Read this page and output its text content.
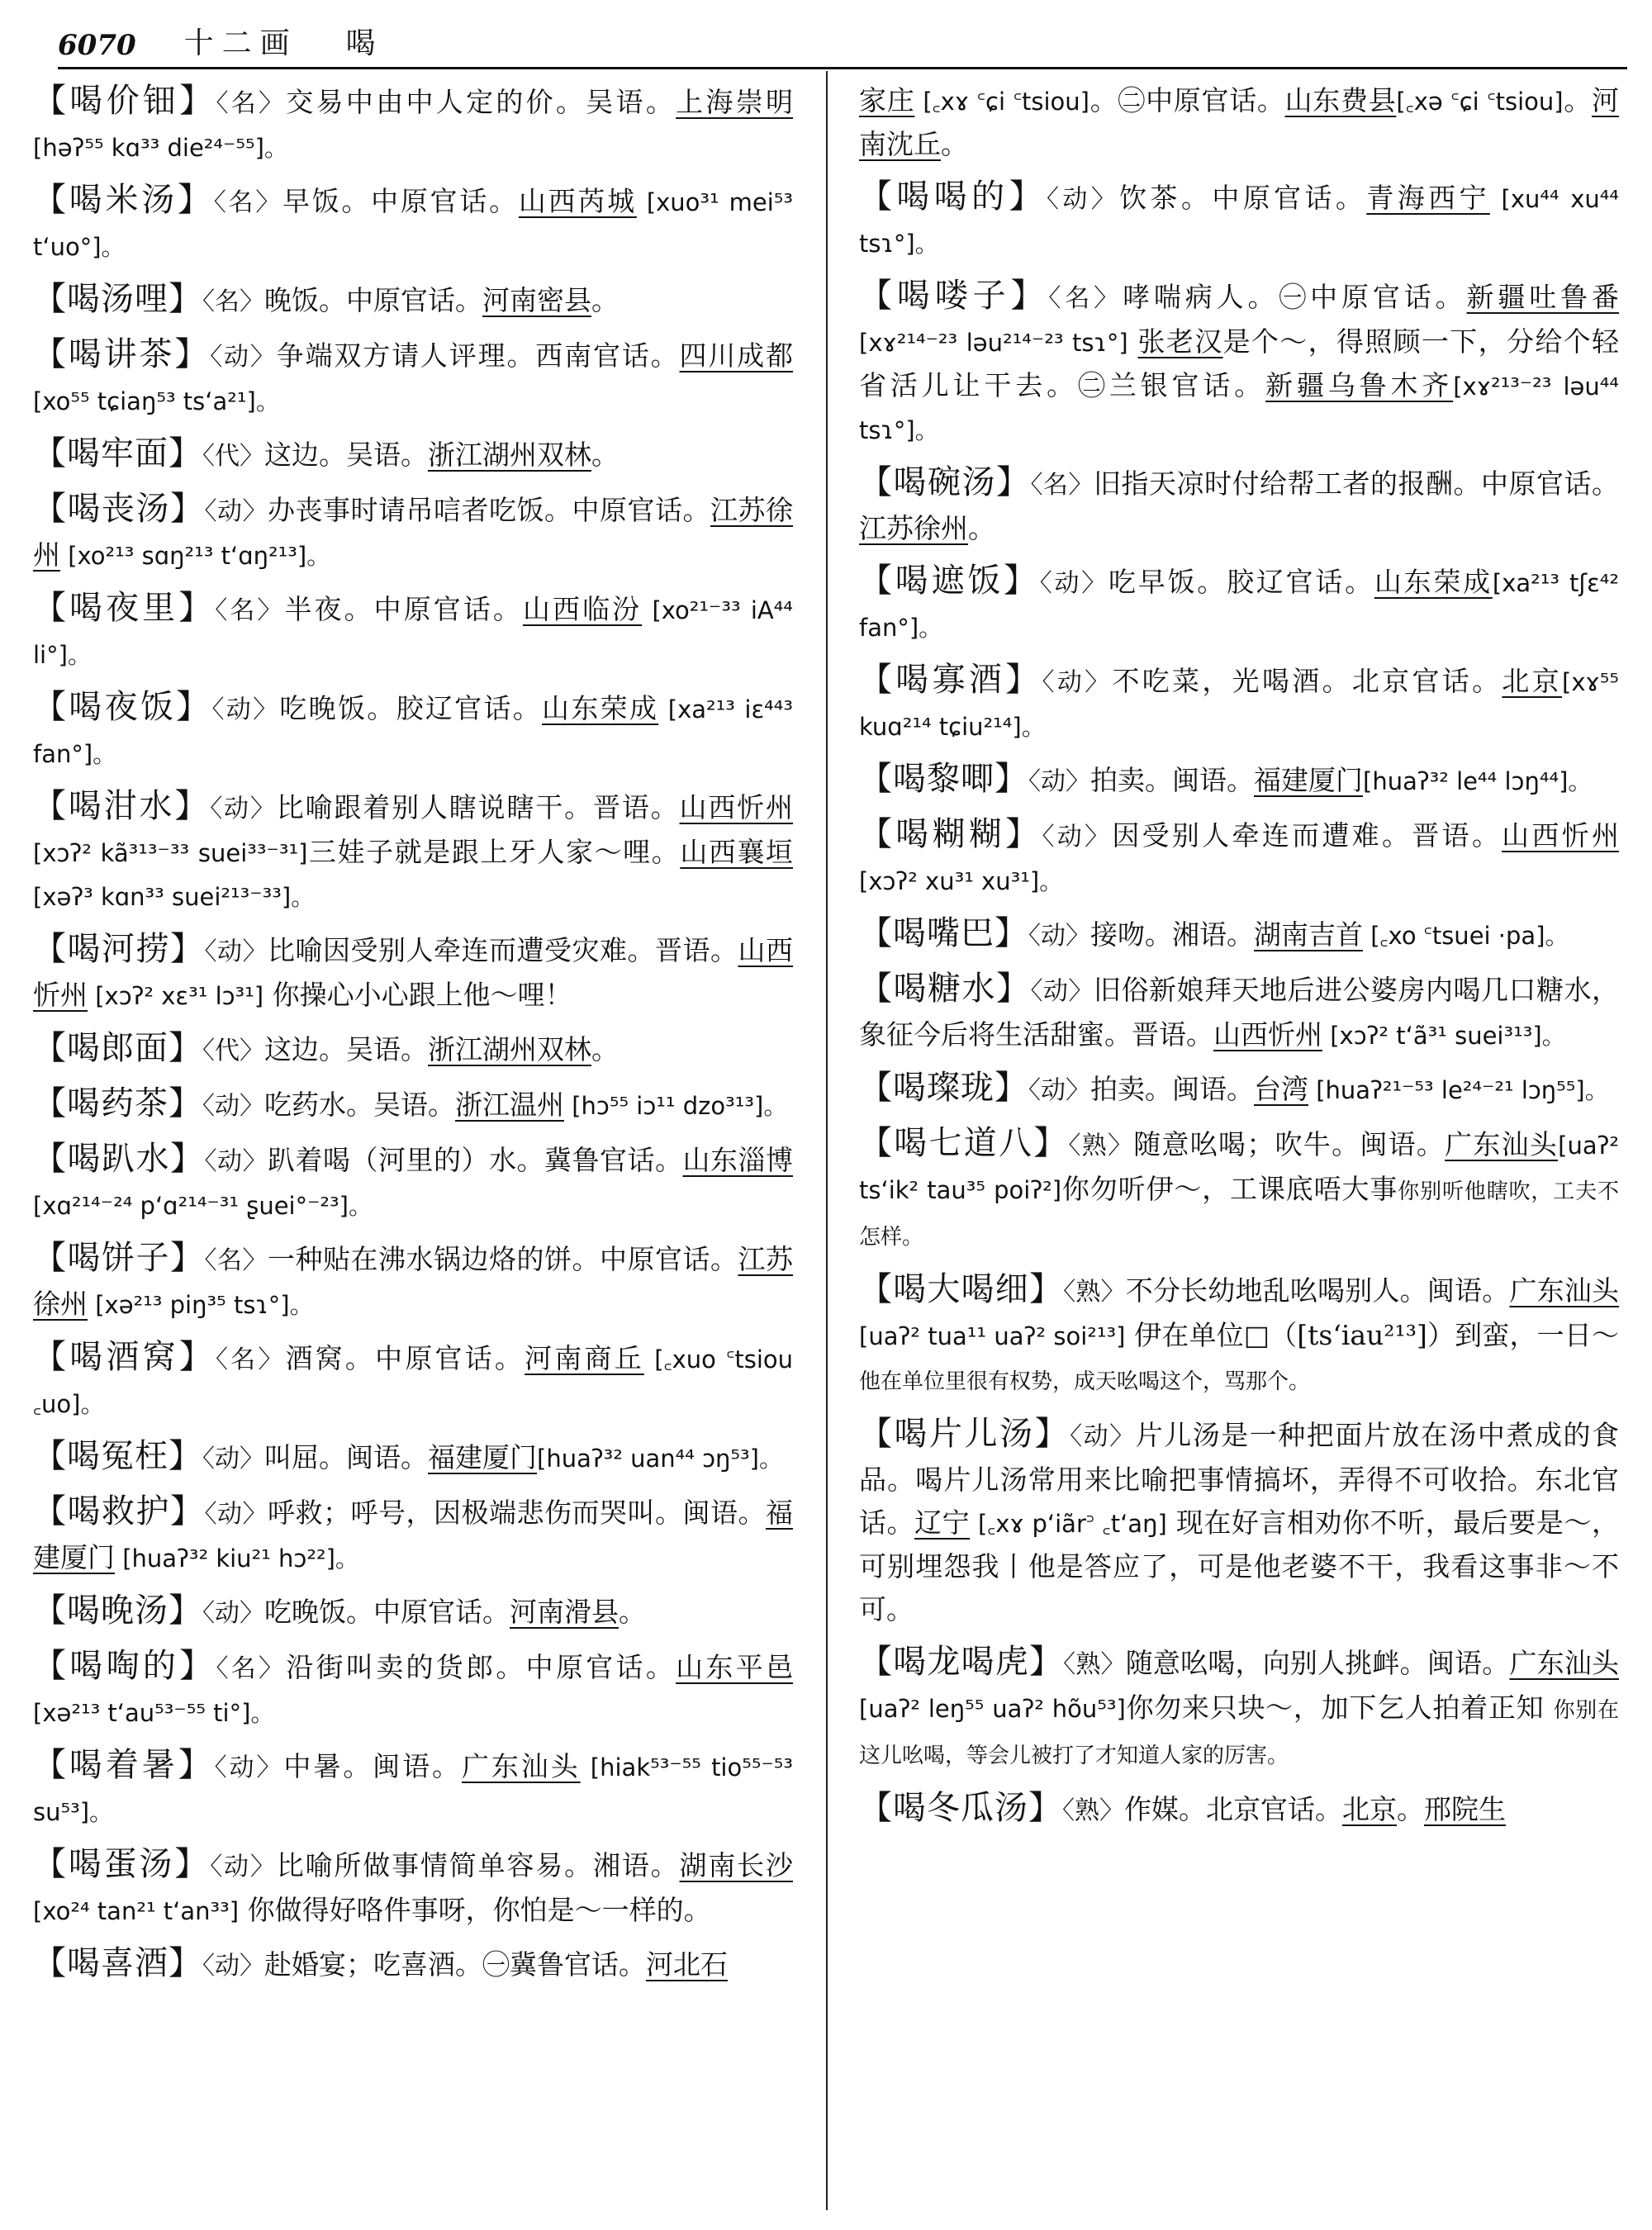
6070 十二画 喝
【喝价钿】〈名〉交易中由中人定的价。吴语。上海崇明 [həʔ⁵⁵ kɑ³³ die²⁴⁻⁵⁵]。
【喝米汤】〈名〉早饭。中原官话。山西芮城 [xuo³¹ mei⁵³ tʻuo°]。
【喝汤哩】〈名〉晚饭。中原官话。河南密县。
【喝讲茶】〈动〉争端双方请人评理。西南官话。四川成都[xo⁵⁵ tɕiaŋ⁵³ tsʻa²¹]。
【喝牢面】〈代〉这边。吴语。浙江湖州双林。
【喝丧汤】〈动〉办丧事时请吊唁者吃饭。中原官话。江苏徐州 [xo²¹³ sɑŋ²¹³ tʻɑŋ²¹³]。
【喝夜里】〈名〉半夜。中原官话。山西临汾 [xo²¹⁻³³ iA⁴⁴ li°]。
【喝夜饭】〈动〉吃晚饭。胶辽官话。山东荣成 [xa²¹³ iɛ⁴⁴³ fan°]。
【喝泔水】〈动〉比喻跟着别人瞎说瞎干。晋语。山西忻州[xɔʔ² kã³¹³⁻³³ suei³³⁻³¹]三娃子就是跟上牙人家～哩。山西襄垣 [xəʔ³ kɑn³³ suei²¹³⁻³³]。
【喝河捞】〈动〉比喻因受别人牵连而遭受灾难。晋语。山西忻州 [xɔʔ² xɛ³¹ lɔ³¹] 你操心小心跟上他～哩！
【喝郎面】〈代〉这边。吴语。浙江湖州双林。
【喝药茶】〈动〉吃药水。吴语。浙江温州 [hɔ⁵⁵ iɔ¹¹ dzo³¹³]。
【喝趴水】〈动〉趴着喝（河里的）水。冀鲁官话。山东淄博 [xɑ²¹⁴⁻²⁴ pʻɑ²¹⁴⁻³¹ ʂuei°⁻²³]。
【喝饼子】〈名〉一种贴在沸水锅边烙的饼。中原官话。江苏徐州 [xə²¹³ piŋ³⁵ tsɿ°]。
【喝酒窝】〈名〉酒窝。中原官话。河南商丘 [꜀xuo ꜂tsiou ꜀uo]。
【喝冤枉】〈动〉叫屈。闽语。福建厦门[huaʔ³² uan⁴⁴ ɔŋ⁵³]。
【喝救护】〈动〉呼救；呼号，因极端悲伤而哭叫。闽语。福建厦门 [huaʔ³² kiu²¹ hɔ²²]。
【喝晚汤】〈动〉吃晚饭。中原官话。河南滑县。
【喝啕的】〈名〉沿街叫卖的货郎。中原官话。山东平邑 [xə²¹³ tʻau⁵³⁻⁵⁵ ti°]。
【喝着暑】〈动〉中暑。闽语。广东汕头 [hiak⁵³⁻⁵⁵ tio⁵⁵⁻⁵³ su⁵³]。
【喝蛋汤】〈动〉比喻所做事情简单容易。湘语。湖南长沙 [xo²⁴ tan²¹ tʻan³³] 你做得好咯件事呀，你怕是～一样的。
【喝喜酒】〈动〉赴婚宴；吃喜酒。㊀冀鲁官话。河北石
家庄 [꜀xɤ ꜂ɕi ꜂tsiou]。㊁中原官话。山东费县[꜀xə ꜂ɕi ꜂tsiou]。河南沈丘。
【喝喝的】〈动〉饮茶。中原官话。青海西宁 [xu⁴⁴ xu⁴⁴ tsɿ°]。
【喝喽子】〈名〉哮喘病人。㊀中原官话。新疆吐鲁番[xɤ²¹⁴⁻²³ ləu²¹⁴⁻²³ tsɿ°] 张老汉是个～，得照顾一下，分给个轻省活儿让干去。㊁兰银官话。新疆乌鲁木齐[xɤ²¹³⁻²³ ləu⁴⁴ tsɿ°]。
【喝碗汤】〈名〉旧指天凉时付给帮工者的报酬。中原官话。江苏徐州。
【喝遮饭】〈动〉吃早饭。胶辽官话。山东荣成[xa²¹³ tʃɛ⁴² fan°]。
【喝寡酒】〈动〉不吃菜，光喝酒。北京官话。北京[xɤ⁵⁵ kuɑ²¹⁴ tɕiu²¹⁴]。
【喝黎唧】〈动〉拍卖。闽语。福建厦门[huaʔ³² le⁴⁴ lɔŋ⁴⁴]。
【喝糊糊】〈动〉因受别人牵连而遭难。晋语。山西忻州 [xɔʔ² xu³¹ xu³¹]。
【喝嘴巴】〈动〉接吻。湘语。湖南吉首 [꜀xo ꜂tsuei ·pa]。
【喝糖水】〈动〉旧俗新娘拜天地后进公婆房内喝几口糖水，象征今后将生活甜蜜。晋语。山西忻州 [xɔʔ² tʻã³¹ suei³¹³]。
【喝璨珑】〈动〉拍卖。闽语。台湾 [huaʔ²¹⁻⁵³ le²⁴⁻²¹ lɔŋ⁵⁵]。
【喝七道八】〈熟〉随意吆喝；吹牛。闽语。广东汕头[uaʔ² tsʻik² tau³⁵ poiʔ²]你勿听伊～，工课底唔大事你别听他瞎吹，工夫不怎样。
【喝大喝细】〈熟〉不分长幼地乱吆喝别人。闽语。广东汕头 [uaʔ² tua¹¹ uaʔ² soi²¹³] 伊在单位□（[tsʻiau²¹³]）到蛮，一日～ 他在单位里很有权势，成天吆喝这个，骂那个。
【喝片儿汤】〈动〉片儿汤是一种把面片放在汤中煮成的食品。喝片儿汤常用来比喻把事情搞坏，弄得不可收拾。东北官话。辽宁 [꜀xɤ pʻiãr꜄ ꜀tʻaŋ] 现在好言相劝你不听，最后要是～，可别埋怨我丨他是答应了，可是他老婆不干，我看这事非～不可。
【喝龙喝虎】〈熟〉随意吆喝，向别人挑衅。闽语。广东汕头[uaʔ² leŋ⁵⁵ uaʔ² hõu⁵³]你勿来只块～，加下乞人拍着正知 你别在这儿吆喝，等会儿被打了才知道人家的厉害。
【喝冬瓜汤】〈熟〉作媒。北京官话。北京。邢院生
